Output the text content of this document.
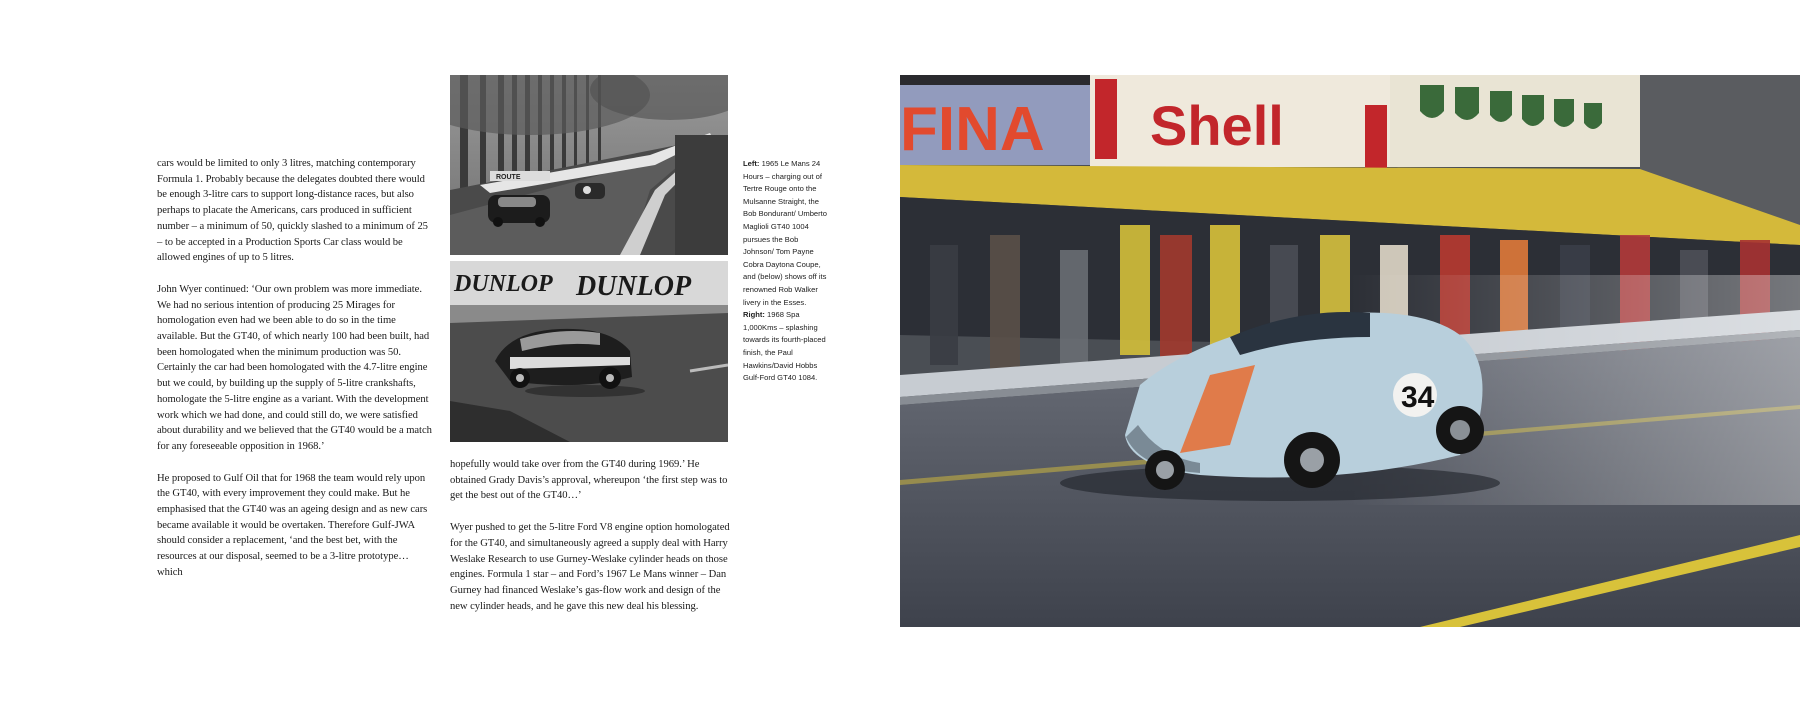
cars would be limited to only 3 litres, matching contemporary Formula 1. Probably because the delegates doubted there would be enough 3-litre cars to support long-distance races, but also perhaps to placate the Americans, cars produced in sufficient number – a minimum of 50, quickly slashed to a minimum of 25 – to be accepted in a Production Sports Car class would be allowed engines of up to 5 litres.

John Wyer continued: ‘Our own problem was more immediate. We had no serious intention of producing 25 Mirages for homologation even had we been able to do so in the time available. But the GT40, of which nearly 100 had been built, had been homologated when the minimum production was 50. Certainly the car had been homologated with the 4.7-litre engine but we could, by building up the supply of 5-litre crankshafts, homologate the 5-litre engine as a variant. With the development work which we had done, and could still do, we were satisfied about durability and we believed that the GT40 would be a match for any foreseeable opposition in 1968.’

He proposed to Gulf Oil that for 1968 the team would rely upon the GT40, with every improvement they could make. But he emphasised that the GT40 was an ageing design and as new cars became available it would be overtaken. Therefore Gulf-JWA should consider a replacement, ‘and the best bet, with the resources at our disposal, seemed to be a 3-litre prototype… which

ROUTE
DUNLOP DUNLOP

hopefully would take over from the GT40 during 1969.’ He obtained Grady Davis’s approval, whereupon ‘the first step was to get the best out of the GT40…’

Wyer pushed to get the 5-litre Ford V8 engine option homologated for the GT40, and simultaneously agreed a supply deal with Harry Weslake Research to use Gurney-Weslake cylinder heads on those engines. Formula 1 star – and Ford’s 1967 Le Mans winner – Dan Gurney had financed Weslake’s gas-flow work and design of the new cylinder heads, and he gave this new deal his blessing.

Left: 1965 Le Mans 24 Hours – charging out of Tertre Rouge onto the Mulsanne Straight, the Bob Bondurant/ Umberto Maglioli GT40 1004 pursues the Bob Johnson/ Tom Payne Cobra Daytona Coupe, and (below) shows off its renowned Rob Walker livery in the Esses.

Right: 1968 Spa 1,000Kms – splashing towards its fourth-placed finish, the Paul Hawkins/David Hobbs Gulf-Ford GT40 1084.

FINA Shell
34
